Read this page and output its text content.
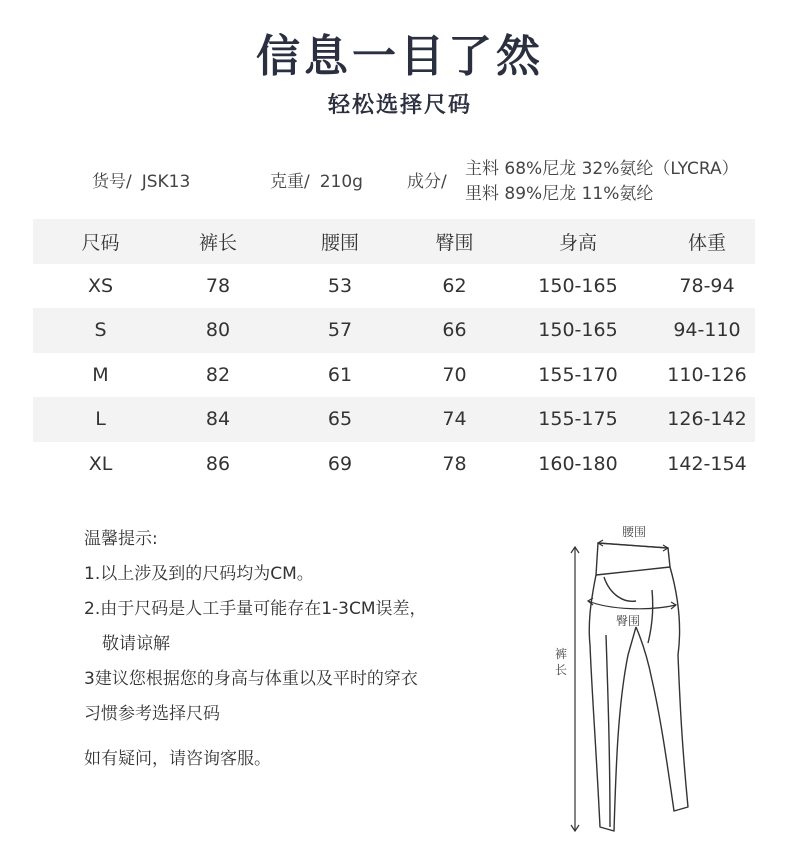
信息一目了然
轻松选择尺码
货号/ JSK13	克重/ 210g	成分/
主料 68%尼龙 32%氨纶（LYCRA）
里料 89%尼龙 11%氨纶
尺码	裤长	腰围	臀围	身高	体重
XS	78	53	62	150-165	78-94
S	80	57	66	150-165	94-110
M	82	61	70	155-170	110-126
L	84	65	74	155-175	126-142
XL	86	69	78	160-180	142-154
温馨提示:
1.以上涉及到的尺码均为CM。
2.由于尺码是人工手量可能存在1-3CM误差，
敬请谅解
3建议您根据您的身高与体重以及平时的穿衣
习惯参考选择尺码
如有疑问，请咨询客服。
腰围
裤
长
臀围
